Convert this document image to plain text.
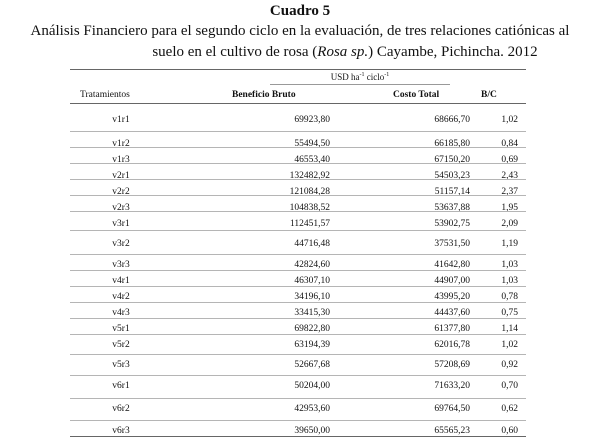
Cuadro 5
Análisis Financiero para el segundo ciclo en la evaluación, de tres relaciones catiónicas al
suelo en el cultivo de rosa (Rosa sp.) Cayambe, Pichincha. 2012
USD $ha^{-1}$ ciclo$^{-1}$
Tratamientos	Beneficio Bruto	Costo Total	B/C
v1r1	69923,80	68666,70	1,02
v1r2	55494,50	66185,80	0,84
v1r3	46553,40	67150,20	0,69
v2r1	132482,92	54503,23	2,43
v2r2	121084,28	51157,14	2,37
v2r3	104838,52	53637,88	1,95
v3r1	112451,57	53902,75	2,09
v3r2	44716,48	37531,50	1,19
v3r3	42824,60	41642,80	1,03
v4r1	46307,10	44907,00	1,03
v4r2	34196,10	43995,20	0,78
v4r3	33415,30	44437,60	0,75
v5r1	69822,80	61377,80	1,14
v5r2	63194,39	62016,78	1,02
v5r3	52667,68	57208,69	0,92
v6r1	50204,00	71633,20	0,70
v6r2	42953,60	69764,50	0,62
v6r3	39650,00	65565,23	0,60
